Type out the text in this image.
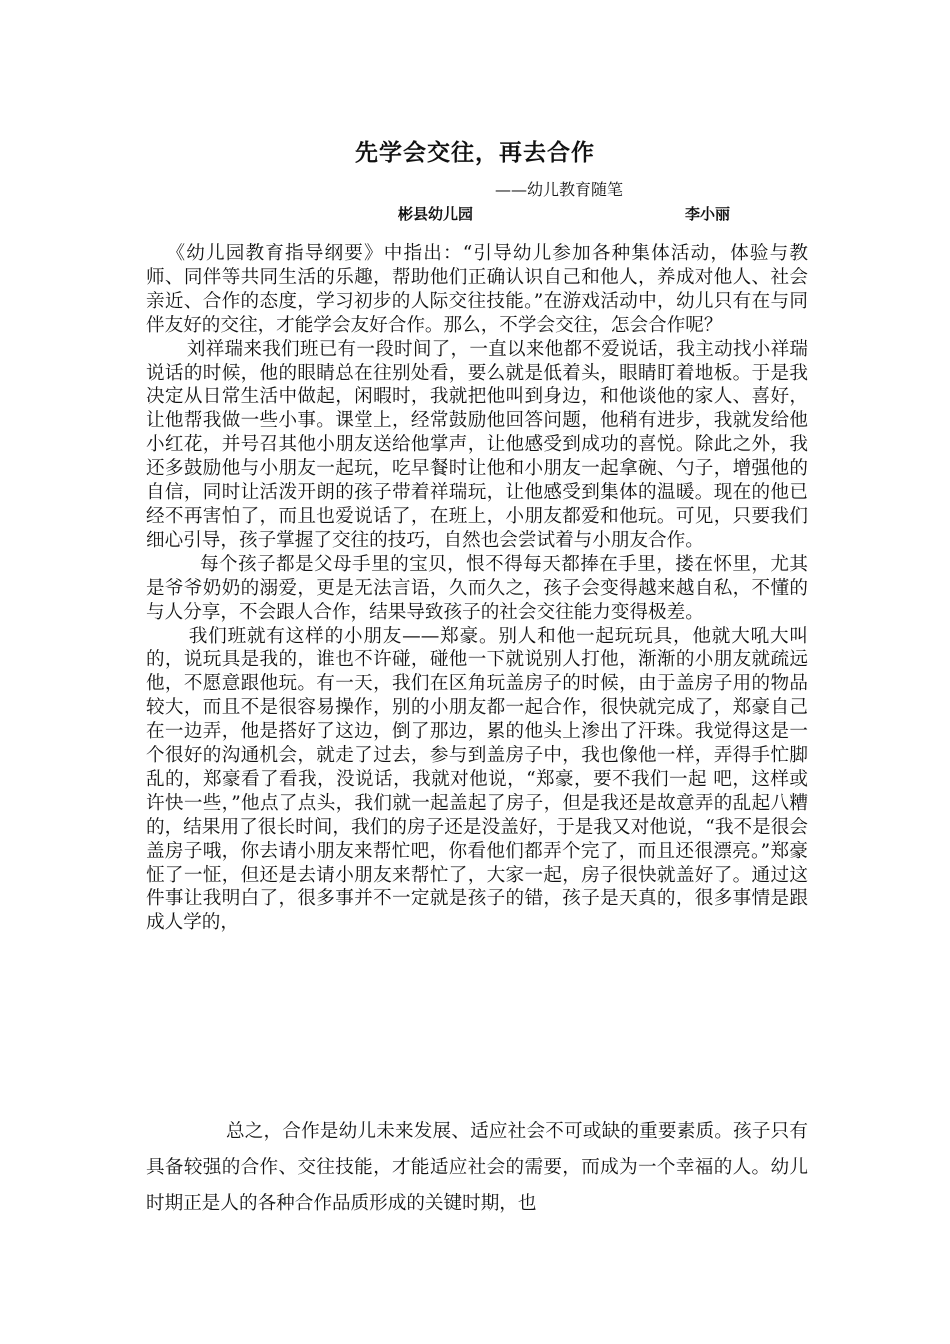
先学会交往，再去合作
——幼儿教育随笔
彬县幼儿园	李小丽

《幼儿园教育指导纲要》中指出：“引导幼儿参加各种集体活动，体验与教师、同伴等共同生活的乐趣，帮助他们正确认识自己和他人，养成对他人、社会亲近、合作的态度，学习初步的人际交往技能。”在游戏活动中，幼儿只有在与同伴友好的交往，才能学会友好合作。那么，不学会交往，怎会合作呢？

刘祥瑞来我们班已有一段时间了，一直以来他都不爱说话，我主动找小祥瑞说话的时候，他的眼睛总在往别处看，要么就是低着头，眼睛盯着地板。于是我决定从日常生活中做起，闲暇时，我就把他叫到身边，和他谈他的家人、喜好，让他帮我做一些小事。课堂上，经常鼓励他回答问题，他稍有进步，我就发给他小红花，并号召其他小朋友送给他掌声，让他感受到成功的喜悦。除此之外，我还多鼓励他与小朋友一起玩，吃早餐时让他和小朋友一起拿碗、勺子，增强他的自信，同时让活泼开朗的孩子带着祥瑞玩，让他感受到集体的温暖。现在的他已经不再害怕了，而且也爱说话了，在班上，小朋友都爱和他玩。可见，只要我们细心引导，孩子掌握了交往的技巧，自然也会尝试着与小朋友合作。

每个孩子都是父母手里的宝贝，恨不得每天都捧在手里，搂在怀里，尤其是爷爷奶奶的溺爱，更是无法言语，久而久之，孩子会变得越来越自私，不懂的与人分享，不会跟人合作，结果导致孩子的社会交往能力变得极差。

我们班就有这样的小朋友——郑豪。别人和他一起玩玩具，他就大吼大叫的，说玩具是我的，谁也不许碰，碰他一下就说别人打他，渐渐的小朋友就疏远他，不愿意跟他玩。有一天，我们在区角玩盖房子的时候，由于盖房子用的物品较大，而且不是很容易操作，别的小朋友都一起合作，很快就完成了，郑豪自己在一边弄，他是搭好了这边，倒了那边，累的他头上渗出了汗珠。我觉得这是一个很好的沟通机会，就走了过去，参与到盖房子中，我也像他一样，弄得手忙脚乱的，郑豪看了看我，没说话，我就对他说，“郑豪，要不我们一起 吧，这样或许快一些，”他点了点头，我们就一起盖起了房子，但是我还是故意弄的乱起八糟的，结果用了很长时间，我们的房子还是没盖好，于是我又对他说，“我不是很会盖房子哦，你去请小朋友来帮忙吧，你看他们都弄个完了，而且还很漂亮。”郑豪怔了一怔，但还是去请小朋友来帮忙了，大家一起，房子很快就盖好了。通过这件事让我明白了，很多事并不一定就是孩子的错，孩子是天真的，很多事情是跟成人学的，

总之，合作是幼儿未来发展、适应社会不可或缺的重要素质。孩子只有具备较强的合作、交往技能，才能适应社会的需要，而成为一个幸福的人。幼儿时期正是人的各种合作品质形成的关键时期，也
